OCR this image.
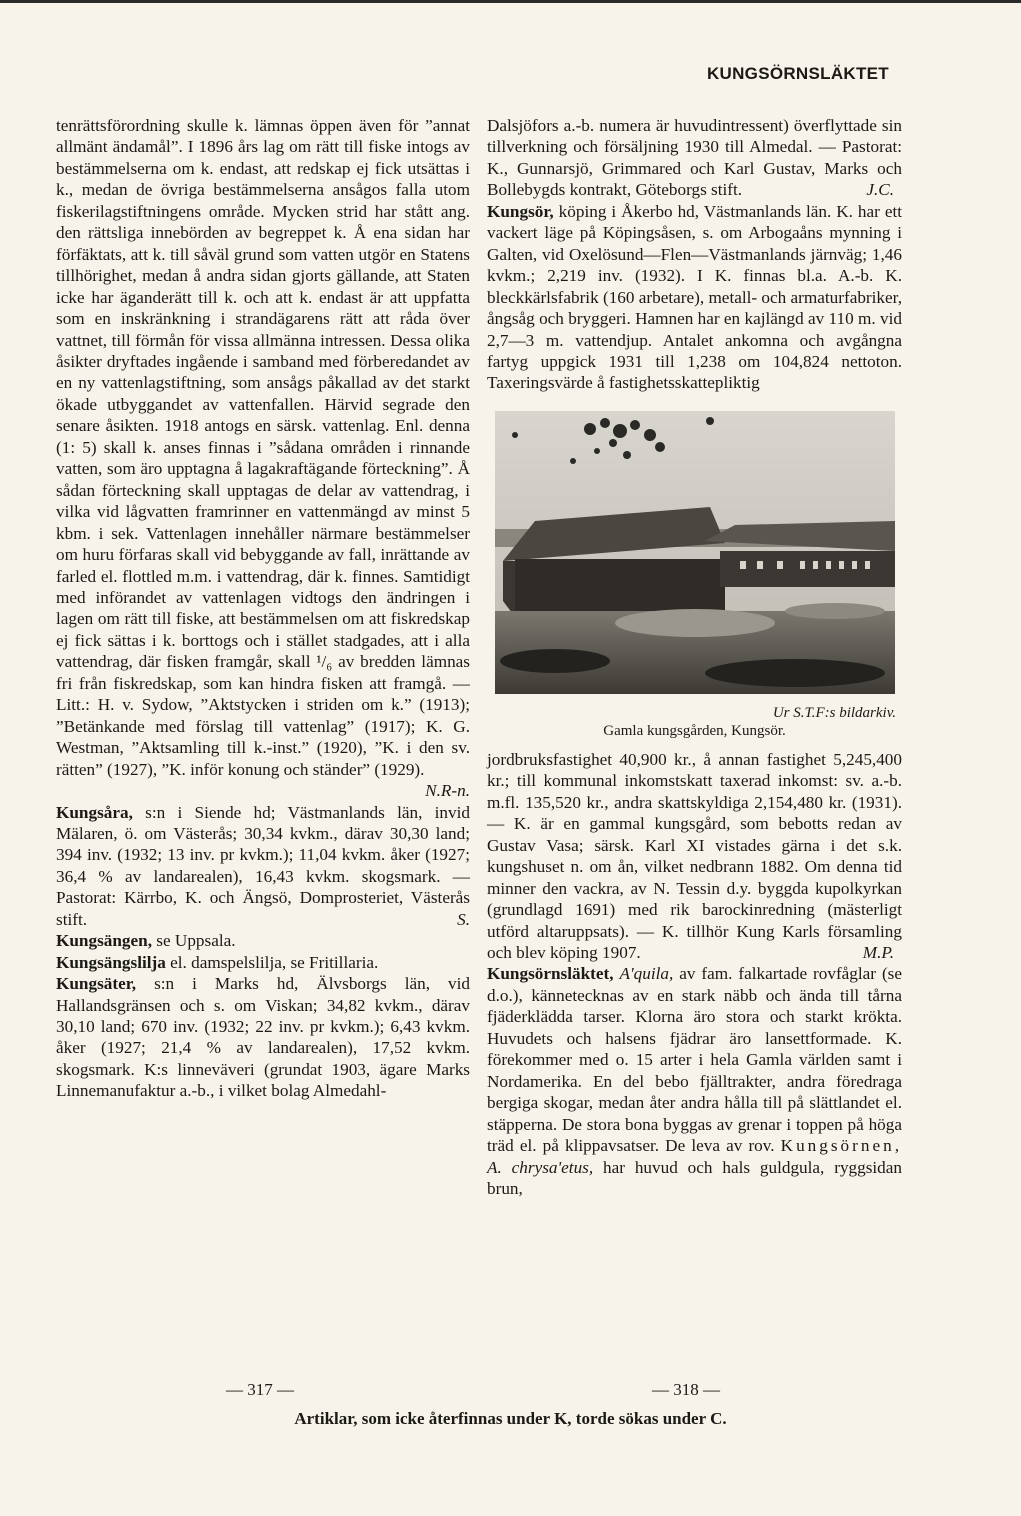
KUNGSÖRNSLÄKTET

tenrättsförordning skulle k. lämnas öppen även för ”annat allmänt ändamål”. I 1896 års lag om rätt till fiske intogs av bestämmelserna om k. endast, att redskap ej fick utsättas i k., medan de övriga bestämmelserna ansågos falla utom fiskerilagstiftningens område. Mycken strid har stått ang. den rättsliga innebörden av begreppet k. Å ena sidan har förfäktats, att k. till såväl grund som vatten utgör en Statens tillhörighet, medan å andra sidan gjorts gällande, att Staten icke har äganderätt till k. och att k. endast är att uppfatta som en inskränkning i strandägarens rätt att råda över vattnet, till förmån för vissa allmänna intressen. Dessa olika åsikter dryftades ingående i samband med förberedandet av en ny vattenlagstiftning, som ansågs påkallad av det starkt ökade utbyggandet av vattenfallen. Härvid segrade den senare åsikten. 1918 antogs en särsk. vattenlag. Enl. denna (1: 5) skall k. anses finnas i ”sådana områden i rinnande vatten, som äro upptagna å lagakraftägande förteckning”. Å sådan förteckning skall upptagas de delar av vattendrag, i vilka vid lågvatten framrinner en vattenmängd av minst 5 kbm. i sek. Vattenlagen innehåller närmare bestämmelser om huru förfaras skall vid bebyggande av fall, inrättande av farled el. flottled m.m. i vattendrag, där k. finnes. Samtidigt med införandet av vattenlagen vidtogs den ändringen i lagen om rätt till fiske, att bestämmelsen om att fiskredskap ej fick sättas i k. borttogs och i stället stadgades, att i alla vattendrag, där fisken framgår, skall ¹/₆ av bredden lämnas fri från fiskredskap, som kan hindra fisken att framgå. — Litt.: H. v. Sydow, ”Aktstycken i striden om k.” (1913); ”Betänkande med förslag till vattenlag” (1917); K. G. Westman, ”Aktsamling till k.-inst.” (1920), ”K. i den sv. rätten” (1927), ”K. inför konung och ständer” (1929).

N.R-n.

Kungsåra, s:n i Siende hd; Västmanlands län, invid Mälaren, ö. om Västerås; 30,34 kvkm., därav 30,30 land; 394 inv. (1932; 13 inv. pr kvkm.); 11,04 kvkm. åker (1927; 36,4 % av landarealen), 16,43 kvkm. skogsmark. — Pastorat: Kärrbo, K. och Ängsö, Domprosteriet, Västerås stift.	S.

Kungsängen, se Uppsala.

Kungsängslilja el. damspelslilja, se Fritillaria.

Kungsäter, s:n i Marks hd, Älvsborgs län, vid Hallandsgränsen och s. om Viskan; 34,82 kvkm., därav 30,10 land; 670 inv. (1932; 22 inv. pr kvkm.); 6,43 kvkm. åker (1927; 21,4 % av landarealen), 17,52 kvkm. skogsmark. K:s linneväveri (grundat 1903, ägare Marks Linnemanufaktur a.-b., i vilket bolag Almedahl-

Dalsjöfors a.-b. numera är huvudintressent) överflyttade sin tillverkning och försäljning 1930 till Almedal. — Pastorat: K., Gunnarsjö, Grimmared och Karl Gustav, Marks och Bollebygds kontrakt, Göteborgs stift.	J.C.

Kungsör, köping i Åkerbo hd, Västmanlands län. K. har ett vackert läge på Köpingsåsen, s. om Arbogaåns mynning i Galten, vid Oxelösund—Flen—Västmanlands järnväg; 1,46 kvkm.; 2,219 inv. (1932). I K. finnas bl.a. A.-b. K. bleckkärlsfabrik (160 arbetare), metall- och armaturfabriker, ångsåg och bryggeri. Hamnen har en kajlängd av 110 m. vid 2,7—3 m. vattendjup. Antalet ankomna och avgångna fartyg uppgick 1931 till 1,238 om 104,824 nettoton. Taxeringsvärde å fastighetsskattepliktig

Ur S.T.F:s bildarkiv.
Gamla kungsgården, Kungsör.

jordbruksfastighet 40,900 kr., å annan fastighet 5,245,400 kr.; till kommunal inkomstskatt taxerad inkomst: sv. a.-b. m.fl. 135,520 kr., andra skattskyldiga 2,154,480 kr. (1931). — K. är en gammal kungsgård, som bebotts redan av Gustav Vasa; särsk. Karl XI vistades gärna i det s.k. kungshuset n. om ån, vilket nedbrann 1882. Om denna tid minner den vackra, av N. Tessin d.y. byggda kupolkyrkan (grundlagd 1691) med rik barockinredning (mästerligt utförd altaruppsats). — K. tillhör Kung Karls församling och blev köping 1907.	M.P.

Kungsörnsläktet, A'quila, av fam. falkartade rovfåglar (se d.o.), kännetecknas av en stark näbb och ända till tårna fjäderklädda tarser. Klorna äro stora och starkt krökta. Huvudets och halsens fjädrar äro lansettformade. K. förekommer med o. 15 arter i hela Gamla världen samt i Nordamerika. En del bebo fjälltrakter, andra föredraga bergiga skogar, medan åter andra hålla till på slättlandet el. stäpperna. De stora bona byggas av grenar i toppen på höga träd el. på klippavsatser. De leva av rov. Kungsörnen, A. chrysa'etus, har huvud och hals guldgula, ryggsidan brun,

— 317 —	— 318 —
Artiklar, som icke återfinnas under K, torde sökas under C.
